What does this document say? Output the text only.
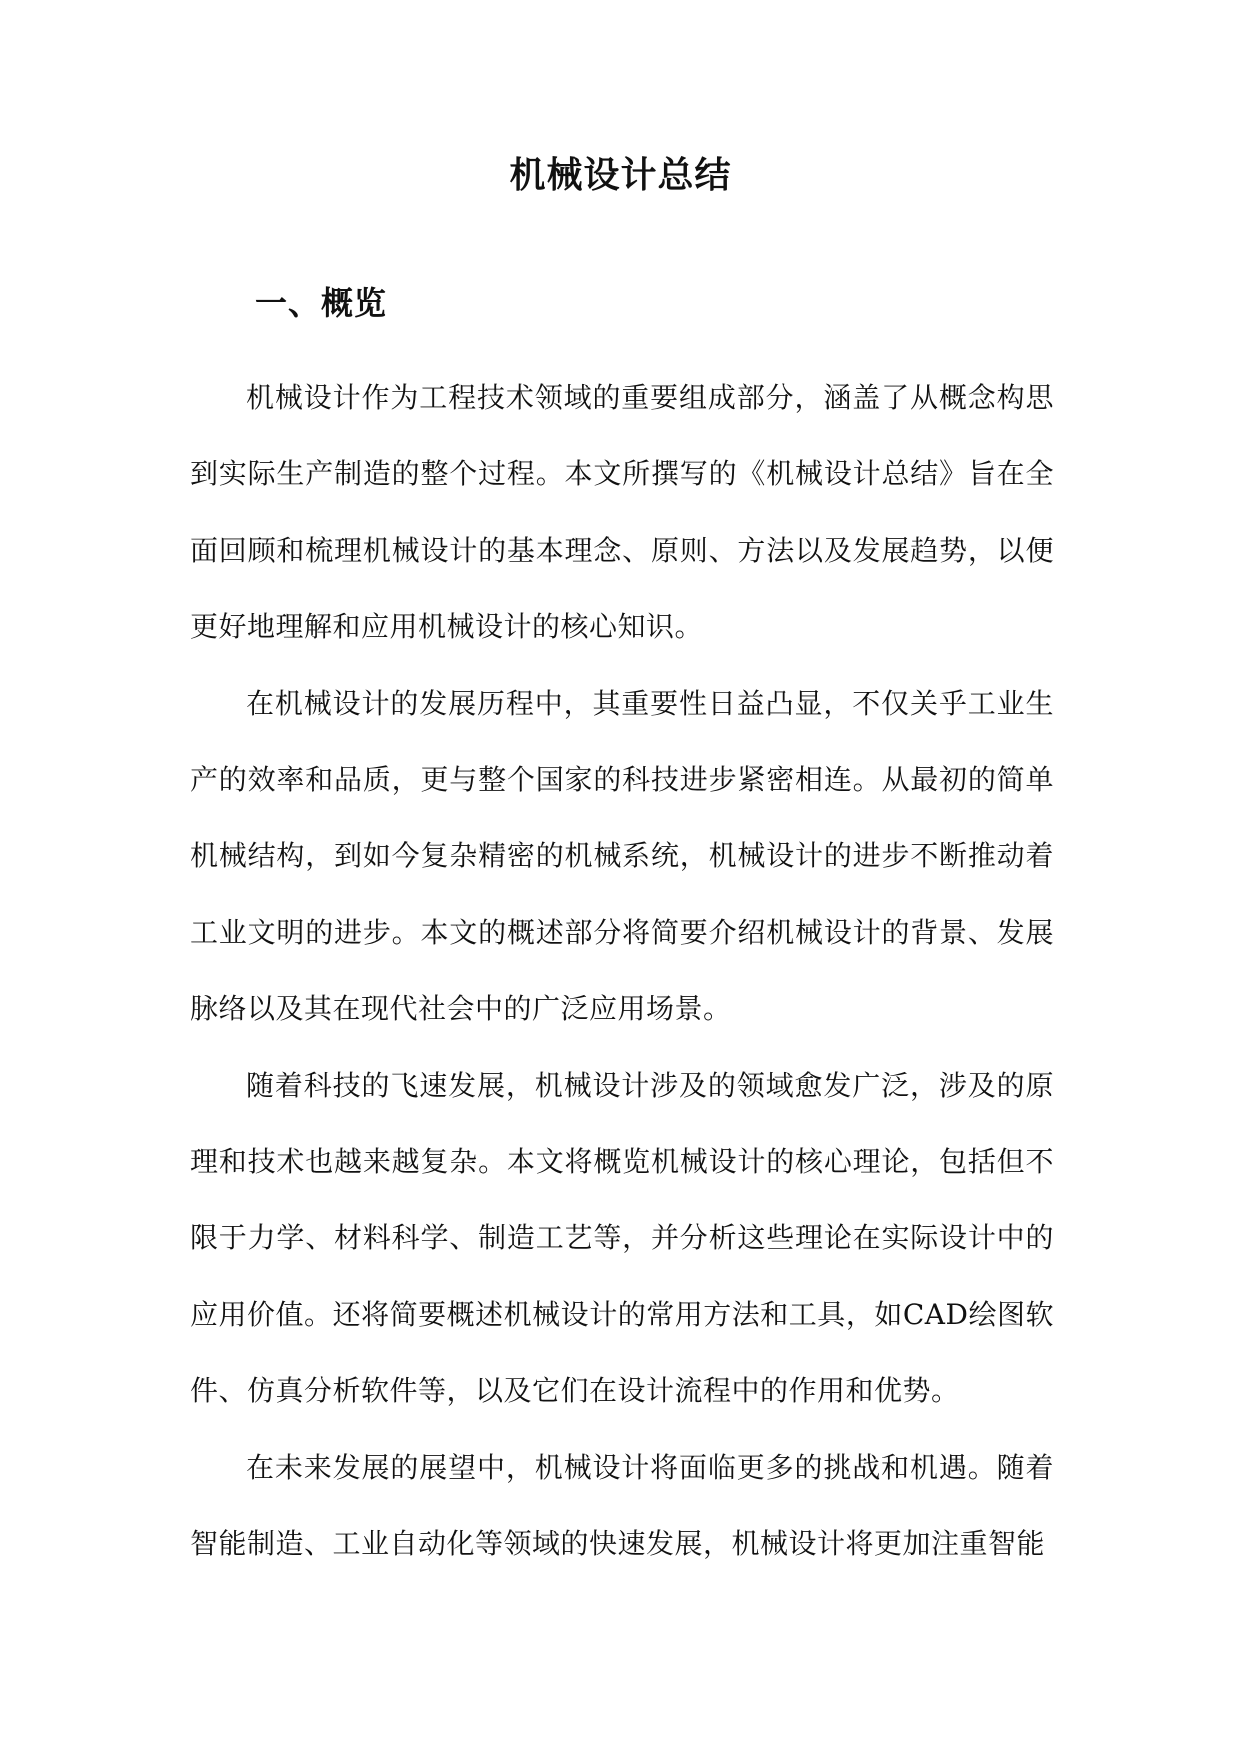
机械设计总结
一、概览

机械设计作为工程技术领域的重要组成部分，涵盖了从概念构思到实际生产制造的整个过程。本文所撰写的《机械设计总结》旨在全面回顾和梳理机械设计的基本理念、原则、方法以及发展趋势，以便更好地理解和应用机械设计的核心知识。

在机械设计的发展历程中，其重要性日益凸显，不仅关乎工业生产的效率和品质，更与整个国家的科技进步紧密相连。从最初的简单机械结构，到如今复杂精密的机械系统，机械设计的进步不断推动着工业文明的进步。本文的概述部分将简要介绍机械设计的背景、发展脉络以及其在现代社会中的广泛应用场景。

随着科技的飞速发展，机械设计涉及的领域愈发广泛，涉及的原理和技术也越来越复杂。本文将概览机械设计的核心理论，包括但不限于力学、材料科学、制造工艺等，并分析这些理论在实际设计中的应用价值。还将简要概述机械设计的常用方法和工具，如CAD绘图软件、仿真分析软件等，以及它们在设计流程中的作用和优势。

在未来发展的展望中，机械设计将面临更多的挑战和机遇。随着智能制造、工业自动化等领域的快速发展，机械设计将更加注重智能
